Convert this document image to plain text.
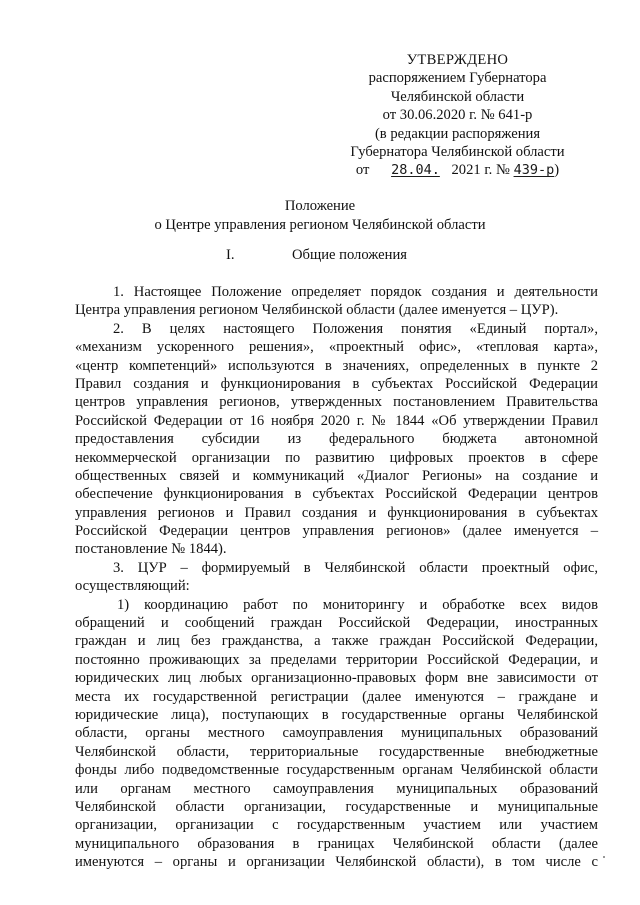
УТВЕРЖДЕНО
распоряжением Губернатора
Челябинской области
от 30.06.2020 г. № 641-р
(в редакции распоряжения
Губернатора Челябинской области
от 28.04. 2021 г. № 439-р)
Положение
о Центре управления регионом Челябинской области
I.	Общие положения
1. Настоящее Положение определяет порядок создания и деятельности
Центра управления регионом Челябинской области (далее именуется – ЦУР).
2. В целях настоящего Положения понятия «Единый портал»,
«механизм ускоренного решения», «проектный офис», «тепловая карта»,
«центр компетенций» используются в значениях, определенных в пункте 2
Правил создания и функционирования в субъектах Российской Федерации
центров управления регионов, утвержденных постановлением Правительства
Российской Федерации от 16 ноября 2020 г. № 1844 «Об утверждении Правил
предоставления субсидии из федерального бюджета автономной
некоммерческой организации по развитию цифровых проектов в сфере
общественных связей и коммуникаций «Диалог Регионы» на создание и
обеспечение функционирования в субъектах Российской Федерации центров
управления регионов и Правил создания и функционирования в субъектах
Российской Федерации центров управления регионов» (далее именуется –
постановление № 1844).
3. ЦУР – формируемый в Челябинской области проектный офис,
осуществляющий:
1) координацию работ по мониторингу и обработке всех видов
обращений и сообщений граждан Российской Федерации, иностранных
граждан и лиц без гражданства, а также граждан Российской Федерации,
постоянно проживающих за пределами территории Российской Федерации, и
юридических лиц любых организационно-правовых форм вне зависимости от
места их государственной регистрации (далее именуются – граждане и
юридические лица), поступающих в государственные органы Челябинской
области, органы местного самоуправления муниципальных образований
Челябинской области, территориальные государственные внебюджетные
фонды либо подведомственные государственным органам Челябинской области
или органам местного самоуправления муниципальных образований
Челябинской области организации, государственные и муниципальные
организации, организации с государственным участием или участием
муниципального образования в границах Челябинской области (далее
именуются – органы и организации Челябинской области), в том числе с
